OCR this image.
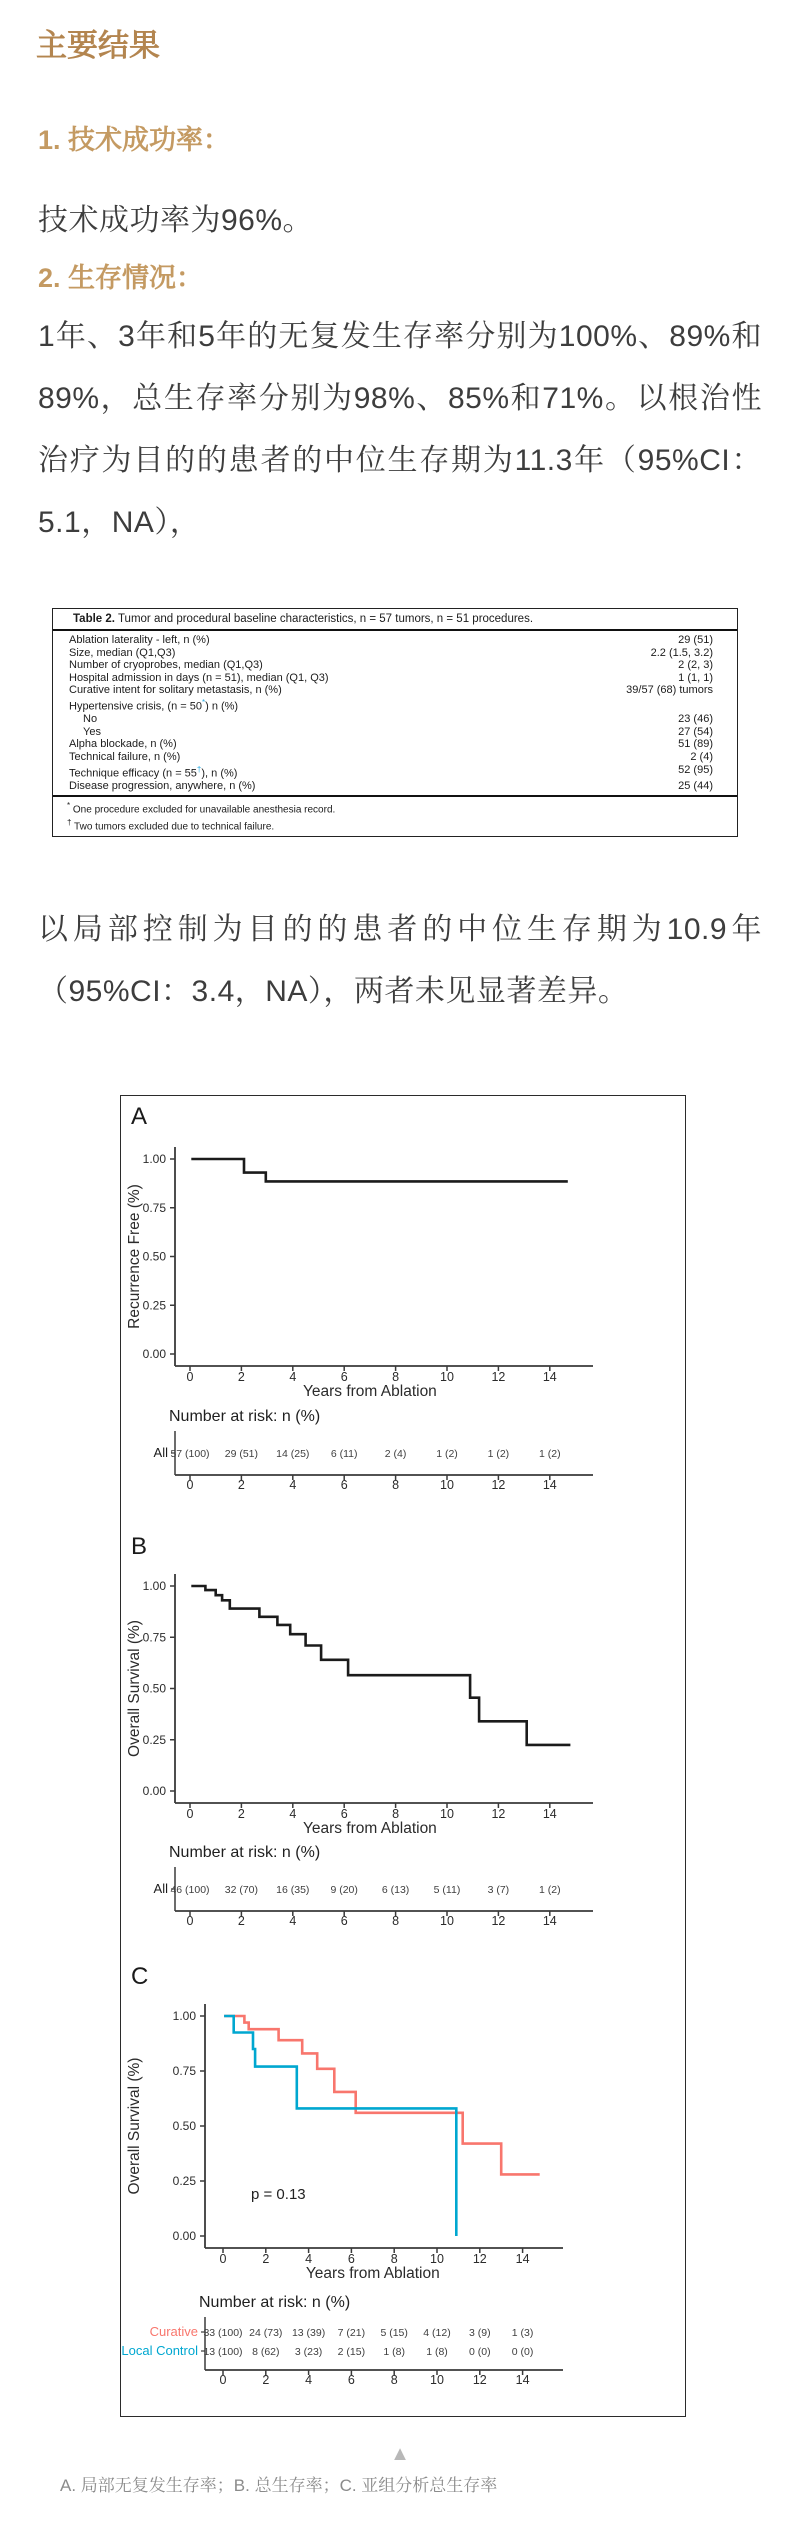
主要结果
1. 技术成功率：

技术成功率为96%。

2. 生存情况：

1年、3年和5年的无复发生存率分别为100%、89%和89%，总生存率分别为98%、85%和71%。以根治性治疗为目的的患者的中位生存期为11.3年（95%CI：5.1，NA），

Table 2. Tumor and procedural baseline characteristics, n = 57 tumors, n = 51 procedures.
Ablation laterality - left, n (%)	29 (51)
Size, median (Q1,Q3)	2.2 (1.5, 3.2)
Number of cryoprobes, median (Q1,Q3)	2 (2, 3)
Hospital admission in days (n = 51), median (Q1, Q3)	1 (1, 1)
Curative intent for solitary metastasis, n (%)	39/57 (68) tumors
Hypertensive crisis, (n = 50*) n (%)
No	23 (46)
Yes	27 (54)
Alpha blockade, n (%)	51 (89)
Technical failure, n (%)	2 (4)
Technique efficacy (n = 55†), n (%)	52 (95)
Disease progression, anywhere, n (%)	25 (44)
* One procedure excluded for unavailable anesthesia record.
† Two tumors excluded due to technical failure.

以局部控制为目的的患者的中位生存期为10.9年（95%CI：3.4，NA），两者未见显著差异。

A
Recurrence Free (%)
0.00
0.25
0.50
0.75
1.00
0	2	4	6	8	10	12	14
Years from Ablation
Number at risk: n (%)
All 57 (100) 29 (51) 14 (25) 6 (11)	2 (4)	1 (2)	1 (2)	1 (2)
0	2	4	6	8	10	12	14
B
Overall Survival (%)
0.00
0.25
0.50
0.75
1.00
0	2	4	6	8	10	12	14
Years from Ablation
Number at risk: n (%)
All 46 (100) 32 (70) 16 (35) 9 (20) 6 (13) 5 (11)	3 (7)	1 (2)
0	2	4	6	8	10	12	14
C
Overall Survival (%)
0.00
0.25
0.50
0.75
1.00
0	2	4	6	8	10 12 14
Years from Ablation
p = 0.13
Number at risk: n (%)
Curative 33 (100) 24 (73) 13 (39) 7 (21) 5 (15) 4 (12) 3 (9) 1 (3)
Local Control 13 (100) 8 (62) 3 (23) 2 (15) 1 (8) 1 (8) 0 (0) 0 (0)
0	2	4	6	8	10 12 14
▲

A. 局部无复发生存率；B. 总生存率；C. 亚组分析总生存率
